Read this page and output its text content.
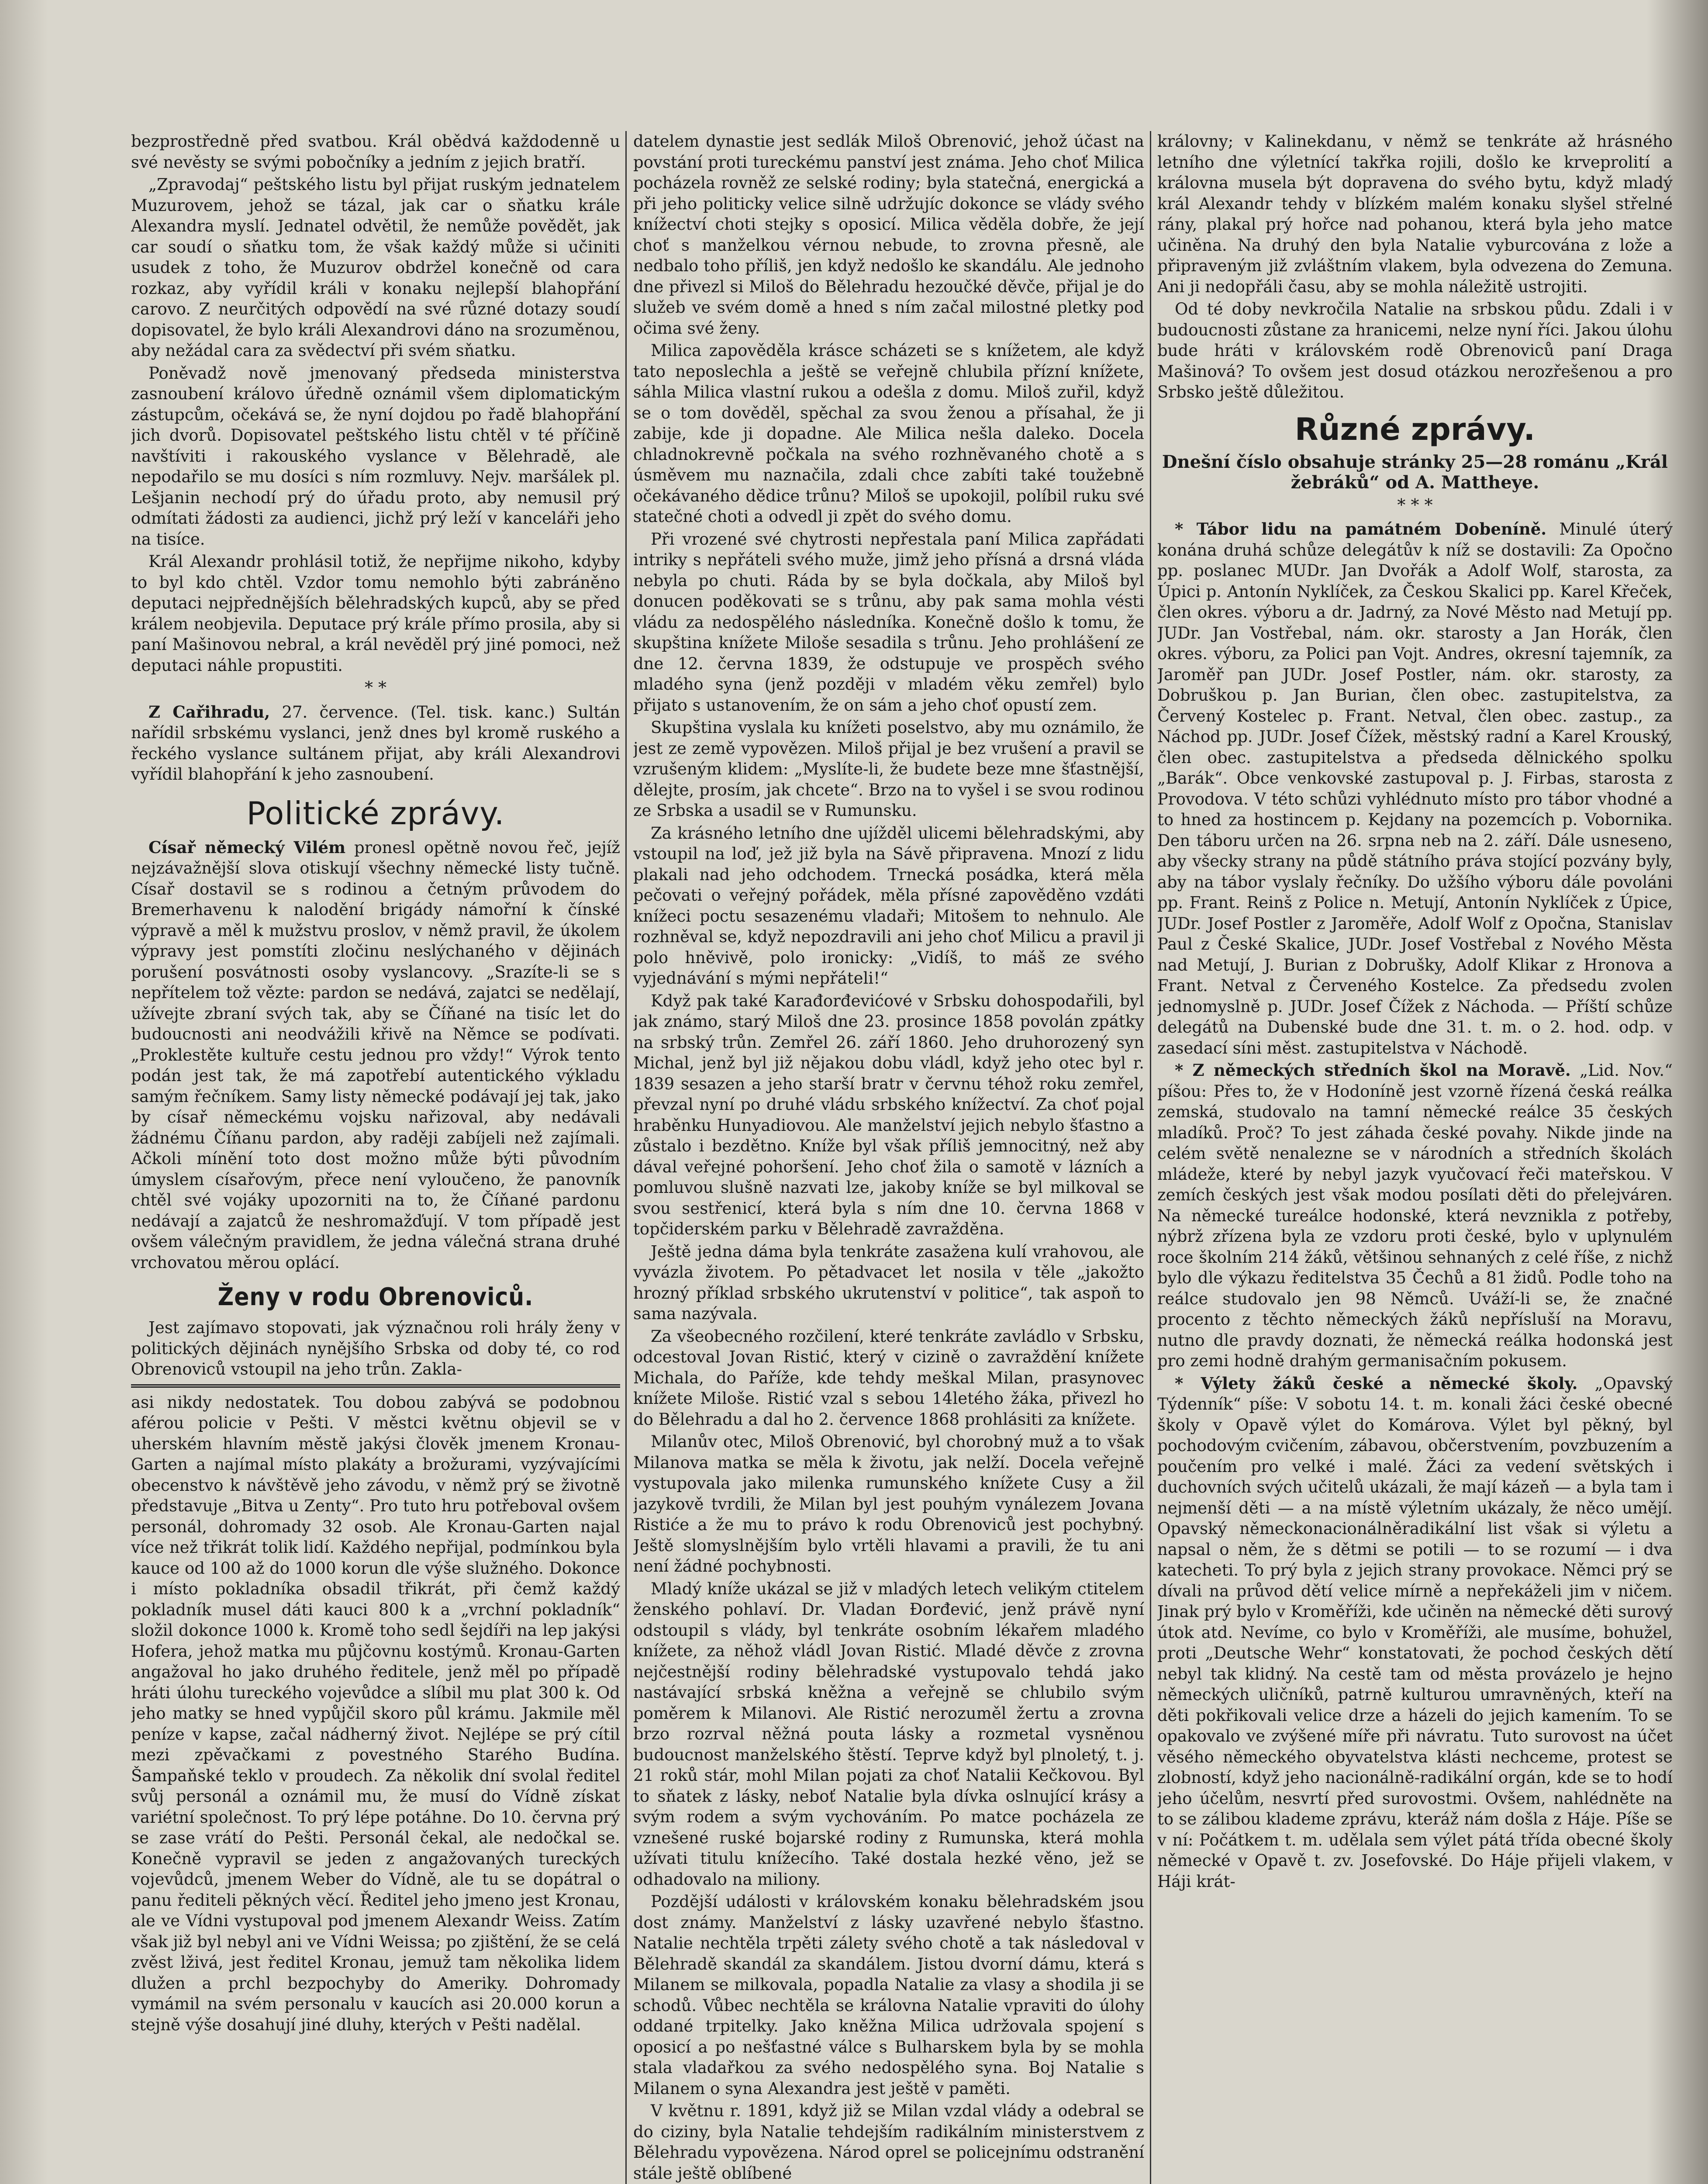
bezprostředně před svatbou. Král obědvá každodenně u své nevěsty se svými pobočníky a jedním z jejich bratří.

„Zpravodaj“ peštského listu byl přijat ruským jednatelem Muzurovem, jehož se tázal, jak car o sňatku krále Alexandra myslí. Jednatel odvětil, že nemůže povědět, jak car soudí o sňatku tom, že však každý může si učiniti usudek z toho, že Muzurov obdržel konečně od cara rozkaz, aby vyřídil králi v konaku nejlepší blahopřání carovo. Z neurčitých odpovědí na své různé dotazy soudí dopisovatel, že bylo králi Alexandrovi dáno na srozuměnou, aby nežádal cara za svědectví při svém sňatku.

Poněvadž nově jmenovaný předseda ministerstva zasnoubení královo úředně oznámil všem diplomatickým zástupcům, očekává se, že nyní dojdou po řadě blahopřání jich dvorů. Dopisovatel peštského listu chtěl v té příčině navštíviti i rakouského vyslance v Bělehradě, ale nepodařilo se mu dosíci s ním rozmluvy. Nejv. maršálek pl. Lešjanin nechodí prý do úřadu proto, aby nemusil prý odmítati žádosti za audienci, jichž prý leží v kanceláři jeho na tisíce.

Král Alexandr prohlásil totiž, že nepřijme nikoho, kdyby to byl kdo chtěl. Vzdor tomu nemohlo býti zabráněno deputaci nejpřednějších bělehradských kupců, aby se před králem neobjevila. Deputace prý krále přímo prosila, aby si paní Mašinovou nebral, a král nevěděl prý jiné pomoci, než deputaci náhle propustiti.

* *

Z Cařihradu, 27. července. (Tel. tisk. kanc.) Sultán nařídil srbskému vyslanci, jenž dnes byl kromě ruského a řeckého vyslance sultánem přijat, aby králi Alexandrovi vyřídil blahopřání k jeho zasnoubení.

Politické zprávy.

Císař německý Vilém pronesl opětně novou řeč, jejíž nejzávažnější slova otiskují všechny německé listy tučně. Císař dostavil se s rodinou a četným průvodem do Bremerhavenu k nalodění brigády námořní k čínské výpravě a měl k mužstvu proslov, v němž pravil, že úkolem výpravy jest pomstíti zločinu neslýchaného v dějinách porušení posvátnosti osoby vyslancovy. „Srazíte-li se s nepřítelem tož vězte: pardon se nedává, zajatci se nedělají, užívejte zbraní svých tak, aby se Číňané na tisíc let do budoucnosti ani neodvážili křivě na Němce se podívati. „Proklestěte kultuře cestu jednou pro vždy!“ Výrok tento podán jest tak, že má zapotřebí autentického výkladu samým řečníkem. Samy listy německé podávají jej tak, jako by císař německému vojsku nařizoval, aby nedávali žádnému Číňanu pardon, aby raději zabíjeli než zajímali. Ačkoli mínění toto dost možno může býti původním úmyslem císařovým, přece není vyloučeno, že panovník chtěl své vojáky upozorniti na to, že Číňané pardonu nedávají a zajatců že neshromažďují. V tom případě jest ovšem válečným pravidlem, že jedna válečná strana druhé vrchovatou měrou oplácí.

Ženy v rodu Obrenoviců.

Jest zajímavo stopovati, jak význačnou roli hrály ženy v politických dějinách nynějšího Srbska od doby té, co rod Obrenoviců vstoupil na jeho trůn. Zakla-

asi nikdy nedostatek. Tou dobou zabývá se podobnou aférou policie v Pešti. V městci květnu objevil se v uherském hlavním městě jakýsi člověk jmenem Kronau-Garten a najímal místo plakáty a brožurami, vyzývajícími obecenstvo k návštěvě jeho závodu, v němž prý se životně představuje „Bitva u Zenty“. Pro tuto hru potřeboval ovšem personál, dohromady 32 osob. Ale Kronau-Garten najal více než třikrát tolik lidí. Každého nepřijal, podmínkou byla kauce od 100 až do 1000 korun dle výše služného. Dokonce i místo pokladníka obsadil třikrát, při čemž každý pokladník musel dáti kauci 800 k a „vrchní pokladník“ složil dokonce 1000 k. Kromě toho sedl šejdíři na lep jakýsi Hofera, jehož matka mu půjčovnu kostýmů. Kronau-Garten angažoval ho jako druhého ředitele, jenž měl po případě hráti úlohu tureckého vojevůdce a slíbil mu plat 300 k. Od jeho matky se hned vypůjčil skoro půl krámu. Jakmile měl peníze v kapse, začal nádherný život. Nejlépe se prý cítil mezi zpěvačkami z povestného Starého Budína. Šampaňské teklo v proudech. Za několik dní svolal ředitel svůj personál a oznámil mu, že musí do Vídně získat variétní společnost. To prý lépe potáhne. Do 10. června prý se zase vrátí do Pešti. Personál čekal, ale nedočkal se. Konečně vypravil se jeden z angažovaných tureckých vojevůdců, jmenem Weber do Vídně, ale tu se dopátral o panu řediteli pěkných věcí. Ředitel jeho jmeno jest Kronau, ale ve Vídni vystupoval pod jmenem Alexandr Weiss. Zatím však již byl nebyl ani ve Vídni Weissa; po zjištění, že se celá zvěst lživá, jest ředitel Kronau, jemuž tam několika lidem dlužen a prchl bezpochyby do Ameriky. Dohromady vymámil na svém personalu v kaucích asi 20.000 korun a stejně výše dosahují jiné dluhy, kterých v Pešti nadělal.

datelem dynastie jest sedlák Miloš Obrenović, jehož účast na povstání proti tureckému panství jest známa. Jeho choť Milica pocházela rovněž ze selské rodiny; byla statečná, energická a při jeho politicky velice silně udržujíc dokonce se vlády svého knížectví choti stejky s oposicí. Milica věděla dobře, že její choť s manželkou vérnou nebude, to zrovna přesně, ale nedbalo toho příliš, jen když nedošlo ke skandálu. Ale jednoho dne přivezl si Miloš do Bělehradu hezoučké děvče, přijal je do služeb ve svém domě a hned s ním začal milostné pletky pod očima své ženy.

Milica zapověděla krásce scházeti se s knížetem, ale když tato neposlechla a ještě se veřejně chlubila přízní knížete, sáhla Milica vlastní rukou a odešla z domu. Miloš zuřil, když se o tom dověděl, spěchal za svou ženou a přísahal, že ji zabije, kde ji dopadne. Ale Milica nešla daleko. Docela chladnokrevně počkala na svého rozhněvaného chotě a s úsměvem mu naznačila, zdali chce zabíti také toužebně očekávaného dědice trůnu? Miloš se upokojil, políbil ruku své statečné choti a odvedl ji zpět do svého domu.

Při vrozené své chytrosti nepřestala paní Milica zapřádati intriky s nepřáteli svého muže, jimž jeho přísná a drsná vláda nebyla po chuti. Ráda by se byla dočkala, aby Miloš byl donucen poděkovati se s trůnu, aby pak sama mohla vésti vládu za nedospělého následníka. Konečně došlo k tomu, že skupština knížete Miloše sesadila s trůnu. Jeho prohlášení ze dne 12. června 1839, že odstupuje ve prospěch svého mladého syna (jenž později v mladém věku zemřel) bylo přijato s ustanovením, že on sám a jeho choť opustí zem.

Skupština vyslala ku knížeti poselstvo, aby mu oznámilo, že jest ze země vypovězen. Miloš přijal je bez vrušení a pravil se vzrušeným klidem: „Myslíte-li, že budete beze mne šťastnější, dělejte, prosím, jak chcete“. Brzo na to vyšel i se svou rodinou ze Srbska a usadil se v Rumunsku.

Za krásného letního dne ujížděl ulicemi bělehradskými, aby vstoupil na loď, jež již byla na Sávě připravena. Mnozí z lidu plakali nad jeho odchodem. Trnecká posádka, která měla pečovati o veřejný pořádek, měla přísné zapověděno vzdáti knížeci poctu sesazenému vladaři; Mitošem to nehnulo. Ale rozhněval se, když nepozdravili ani jeho choť Milicu a pravil ji polo hněvivě, polo ironicky: „Vidíš, to máš ze svého vyjednávání s mými nepřáteli!“

Když pak také Karađorđevićové v Srbsku dohospodařili, byl jak známo, starý Miloš dne 23. prosince 1858 povolán zpátky na srbský trůn. Zemřel 26. září 1860. Jeho druhorozený syn Michal, jenž byl již nějakou dobu vládl, když jeho otec byl r. 1839 sesazen a jeho starší bratr v červnu téhož roku zemřel, převzal nyní po druhé vládu srbského knížectví. Za choť pojal hraběnku Hunyadiovou. Ale manželství jejich nebylo šťastno a zůstalo i bezdětno. Kníže byl však příliš jemnocitný, než aby dával veřejné pohoršení. Jeho choť žila o samotě v lázních a pomluvou slušně nazvati lze, jakoby kníže se byl milkoval se svou sestřenicí, která byla s ním dne 10. června 1868 v topčiderském parku v Bělehradě zavražděna.

Ještě jedna dáma byla tenkráte zasažena kulí vrahovou, ale vyvázla životem. Po pětadvacet let nosila v těle „jakožto hrozný příklad srbského ukrutenství v politice“, tak aspoň to sama nazývala.

Za všeobecného rozčilení, které tenkráte zavládlo v Srbsku, odcestoval Jovan Ristić, který v cizině o zavraždění knížete Michala, do Paříže, kde tehdy meškal Milan, prasynovec knížete Miloše. Ristić vzal s sebou 14letého žáka, přivezl ho do Bělehradu a dal ho 2. července 1868 prohlásiti za knížete.

Milanův otec, Miloš Obrenović, byl chorobný muž a to však Milanova matka se měla k životu, jak nelží. Docela veřejně vystupovala jako milenka rumunského knížete Cusy a žil jazykově tvrdili, že Milan byl jest pouhým vynálezem Jovana Ristiće a že mu to právo k rodu Obrenoviců jest pochybný. Ještě slomyslnějším bylo vrtěli hlavami a pravili, že tu ani není žádné pochybnosti.

Mladý kníže ukázal se již v mladých letech velikým ctitelem ženského pohlaví. Dr. Vladan Đorđević, jenž právě nyní odstoupil s vlády, byl tenkráte osobním lékařem mladého knížete, za něhož vládl Jovan Ristić. Mladé děvče z zrovna nejčestnější rodiny bělehradské vystupovalo tehdá jako nastávající srbská kněžna a veřejně se chlubilo svým poměrem k Milanovi. Ale Ristić nerozuměl žertu a zrovna brzo rozrval něžná pouta lásky a rozmetal vysněnou budoucnost manželského štěstí. Teprve když byl plnoletý, t. j. 21 roků stár, mohl Milan pojati za choť Natalii Kečkovou. Byl to sňatek z lásky, neboť Natalie byla dívka oslnující krásy a svým rodem a svým vychováním. Po matce pocházela ze vznešené ruské bojarské rodiny z Rumunska, která mohla užívati titulu knížecího. Také dostala hezké věno, jež se odhadovalo na miliony.

Pozdější události v královském konaku bělehradském jsou dost známy. Manželství z lásky uzavřené nebylo šťastno. Natalie nechtěla trpěti zálety svého chotě a tak následoval v Bělehradě skandál za skandálem. Jistou dvorní dámu, která s Milanem se milkovala, popadla Natalie za vlasy a shodila ji se schodů. Vůbec nechtěla se královna Natalie vpraviti do úlohy oddané trpitelky. Jako kněžna Milica udržovala spojení s oposicí a po nešťastné válce s Bulharskem byla by se mohla stala vladařkou za svého nedospělého syna. Boj Natalie s Milanem o syna Alexandra jest ještě v paměti.

V květnu r. 1891, když již se Milan vzdal vlády a odebral se do ciziny, byla Natalie tehdejším radikálním ministerstvem z Bělehradu vypovězena. Národ oprel se policejnímu odstranění stále ještě oblíbené

královny; v Kalinekdanu, v němž se tenkráte až hrásného letního dne výletnící takřka rojili, došlo ke krveprolití a královna musela být dopravena do svého bytu, když mladý král Alexandr tehdy v blízkém malém konaku slyšel střelné rány, plakal prý hořce nad pohanou, která byla jeho matce učiněna. Na druhý den byla Natalie vyburcována z lože a připraveným již zvláštním vlakem, byla odvezena do Zemuna. Ani ji nedopřáli času, aby se mohla náležitě ustrojiti.

Od té doby nevkročila Natalie na srbskou půdu. Zdali i v budoucnosti zůstane za hranicemi, nelze nyní říci. Jakou úlohu bude hráti v královském rodě Obrenoviců paní Draga Mašinová? To ovšem jest dosud otázkou nerozřešenou a pro Srbsko ještě důležitou.

Různé zprávy.

Dnešní číslo obsahuje stránky 25—28 románu „Král žebráků“ od A. Mattheye.

* * *

* Tábor lidu na památném Dobeníně. Minulé úterý konána druhá schůze delegátův k níž se dostavili: Za Opočno pp. poslanec MUDr. Jan Dvořák a Adolf Wolf, starosta, za Úpici p. Antonín Nyklíček, za Českou Skalici pp. Karel Křeček, člen okres. výboru a dr. Jadrný, za Nové Město nad Metují pp. JUDr. Jan Vostřebal, nám. okr. starosty a Jan Horák, člen okres. výboru, za Polici pan Vojt. Andres, okresní tajemník, za Jaroměř pan JUDr. Josef Postler, nám. okr. starosty, za Dobruškou p. Jan Burian, člen obec. zastupitelstva, za Červený Kostelec p. Frant. Netval, člen obec. zastup., za Náchod pp. JUDr. Josef Čížek, městský radní a Karel Krouský, člen obec. zastupitelstva a předseda dělnického spolku „Barák“. Obce venkovské zastupoval p. J. Firbas, starosta z Provodova. V této schůzi vyhlédnuto místo pro tábor vhodné a to hned za hostincem p. Kejdany na pozemcích p. Vobornika. Den táboru určen na 26. srpna neb na 2. září. Dále usneseno, aby všecky strany na půdě státního práva stojící pozvány byly, aby na tábor vyslaly řečníky. Do užšího výboru dále povoláni pp. Frant. Reinš z Police n. Metují, Antonín Nyklíček z Úpice, JUDr. Josef Postler z Jaroměře, Adolf Wolf z Opočna, Stanislav Paul z České Skalice, JUDr. Josef Vostřebal z Nového Města nad Metují, J. Burian z Dobrušky, Adolf Klikar z Hronova a Frant. Netval z Červeného Kostelce. Za předsedu zvolen jednomyslně p. JUDr. Josef Čížek z Náchoda. — Příští schůze delegátů na Dubenské bude dne 31. t. m. o 2. hod. odp. v zasedací síni měst. zastupitelstva v Náchodě.

* Z německých středních škol na Moravě. „Lid. Nov.“ píšou: Přes to, že v Hodoníně jest vzorně řízená česká reálka zemská, studovalo na tamní německé reálce 35 českých mladíků. Proč? To jest záhada české povahy. Nikde jinde na celém světě nenalezne se v národních a středních školách mládeže, které by nebyl jazyk vyučovací řeči mateřskou. V zemích českých jest však modou posílati děti do přelejváren. Na německé tureálce hodonské, která nevznikla z potřeby, nýbrž zřízena byla ze vzdoru proti české, bylo v uplynulém roce školním 214 žáků, většinou sehnaných z celé říše, z nichž bylo dle výkazu ředitelstva 35 Čechů a 81 židů. Podle toho na reálce studovalo jen 98 Němců. Uváží-li se, že značné procento z těchto německých žáků nepřísluší na Moravu, nutno dle pravdy doznati, že německá reálka hodonská jest pro zemi hodně drahým germanisačním pokusem.

* Výlety žáků české a německé školy. „Opavský Týdenník“ píše: V sobotu 14. t. m. konali žáci české obecné školy v Opavě výlet do Komárova. Výlet byl pěkný, byl pochodovým cvičením, zábavou, občerstvením, povzbuzením a poučením pro velké i malé. Žáci za vedení světských i duchovních svých učitelů ukázali, že mají kázeň — a byla tam i nejmenší děti — a na místě výletním ukázaly, že něco umějí. Opavský německonacionálněradikální list však si výletu a napsal o něm, že s dětmi se potili — to se rozumí — i dva katecheti. To prý byla z jejich strany provokace. Němci prý se dívali na průvod dětí velice mírně a nepřekáželi jim v ničem. Jinak prý bylo v Kroměříži, kde učiněn na německé děti surový útok atd. Nevíme, co bylo v Kroměříži, ale musíme, bohužel, proti „Deutsche Wehr“ konstatovati, že pochod českých dětí nebyl tak klidný. Na cestě tam od města provázelo je hejno německých uličníků, patrně kulturou umravněných, kteří na děti pokřikovali velice drze a házeli do jejich kamením. To se opakovalo ve zvýšené míře při návratu. Tuto surovost na účet věsého německého obyvatelstva klásti nechceme, protest se zlobností, když jeho nacionálně-radikální orgán, kde se to hodí jeho účelům, nesvrtí před surovostmi. Ovšem, nahlédněte na to se zálibou klademe zprávu, kteráž nám došla z Háje. Píše se v ní: Počátkem t. m. udělala sem výlet pátá třída obecné školy německé v Opavě t. zv. Josefovské. Do Háje přijeli vlakem, v Háji krát-
